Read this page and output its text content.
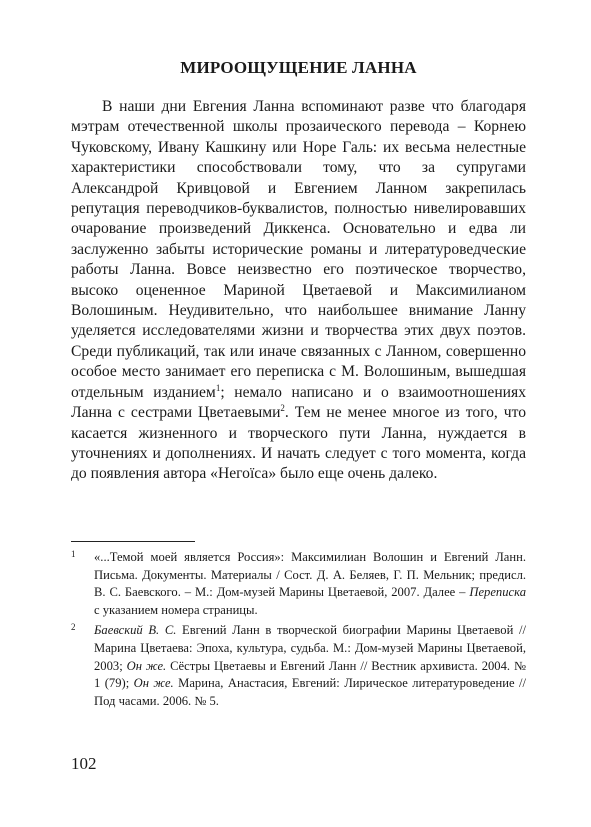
МИРООЩУЩЕНИЕ ЛАННА

В наши дни Евгения Ланна вспоминают разве что благодаря мэтрам отечественной школы прозаического перевода – Корнею Чуковскому, Ивану Кашкину или Норе Галь: их весьма нелестные характеристики способствовали тому, что за супругами Александрой Кривцовой и Евгением Ланном закрепилась репутация переводчиков-буквалистов, полностью нивелировавших очарование произведений Диккенса. Основательно и едва ли заслуженно забыты исторические романы и литературоведческие работы Ланна. Вовсе неизвестно его поэтическое творчество, высоко оцененное Мариной Цветаевой и Максимилианом Волошиным. Неудивительно, что наибольшее внимание Ланну уделяется исследователями жизни и творчества этих двух поэтов. Среди публикаций, так или иначе связанных с Ланном, совершенно особое место занимает его переписка с М. Волошиным, вышедшая отдельным изданием$^1$; немало написано и о взаимоотношениях Ланна с сестрами Цветаевыми$^2$. Тем не менее многое из того, что касается жизненного и творческого пути Ланна, нуждается в уточнениях и дополнениях. И начать следует с того момента, когда до появления автора «Негоїса» было еще очень далеко.

1 «...Темой моей является Россия»: Максимилиан Волошин и Евгений Ланн. Письма. Документы. Материалы / Сост. Д. А. Беляев, Г. П. Мельник; предисл. В. С. Баевского. – М.: Дом-музей Марины Цветаевой, 2007. Далее – Переписка с указанием номера страницы.
2 Баевский В. С. Евгений Ланн в творческой биографии Марины Цветаевой // Марина Цветаева: Эпоха, культура, судьба. М.: Дом-музей Марины Цветаевой, 2003; Он же. Сёстры Цветаевы и Евгений Ланн // Вестник архивиста. 2004. № 1 (79); Он же. Марина, Анастасия, Евгений: Лирическое литературоведение // Под часами. 2006. № 5.
102
